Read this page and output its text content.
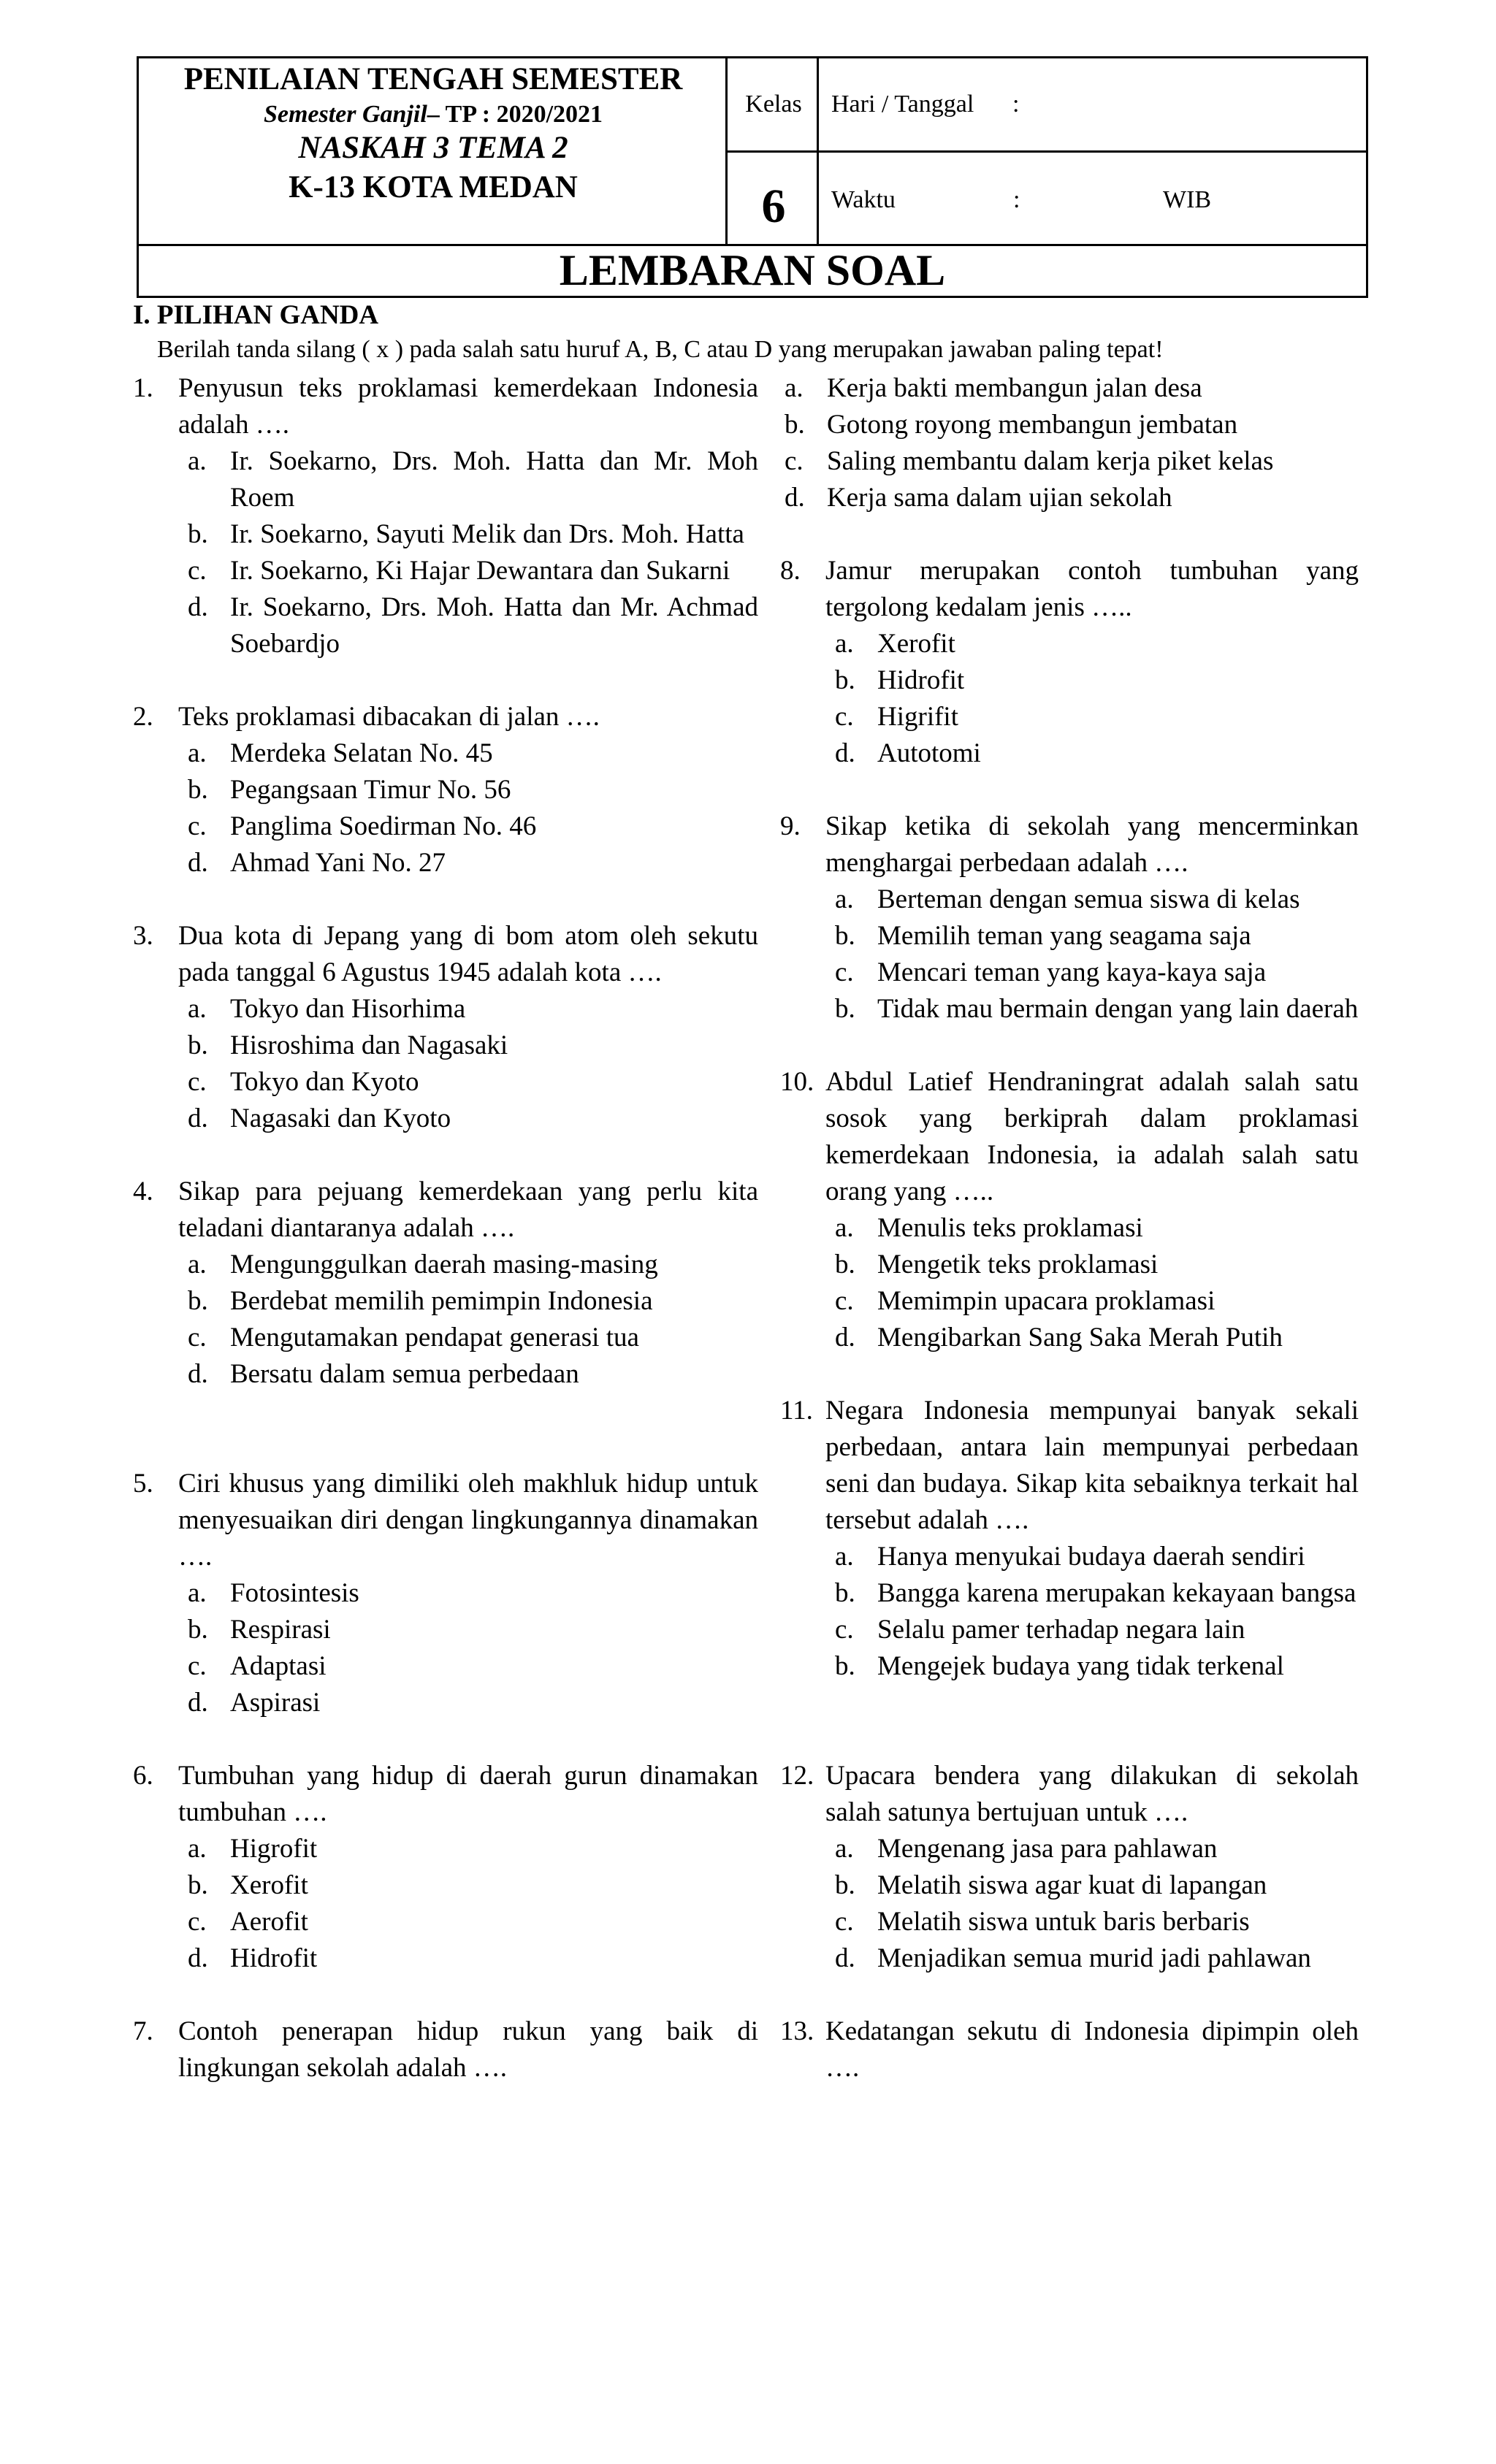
PENILAIAN TENGAH SEMESTER
Semester Ganjil– TP : 2020/2021
NASKAH 3 TEMA 2
K-13 KOTA MEDAN
Kelas
6
Hari / Tanggal :
Waktu	:	WIB
LEMBARAN SOAL
I. PILIHAN GANDA
Berilah tanda silang ( x ) pada salah satu huruf A, B, C atau D yang merupakan jawaban paling tepat!
1. Penyusun teks proklamasi kemerdekaan Indonesia adalah ….
a. Ir. Soekarno, Drs. Moh. Hatta dan Mr. Moh Roem
b. Ir. Soekarno, Sayuti Melik dan Drs. Moh. Hatta
c. Ir. Soekarno, Ki Hajar Dewantara dan Sukarni
d. Ir. Soekarno, Drs. Moh. Hatta dan Mr. Achmad Soebardjo
2. Teks proklamasi dibacakan di jalan ….
a. Merdeka Selatan No. 45
b. Pegangsaan Timur No. 56
c. Panglima Soedirman No. 46
d. Ahmad Yani No. 27
3. Dua kota di Jepang yang di bom atom oleh sekutu pada tanggal 6 Agustus 1945 adalah kota ….
a. Tokyo dan Hisorhima
b. Hisroshima dan Nagasaki
c. Tokyo dan Kyoto
d. Nagasaki dan Kyoto
4. Sikap para pejuang kemerdekaan yang perlu kita teladani diantaranya adalah ….
a. Mengunggulkan daerah masing-masing
b. Berdebat memilih pemimpin Indonesia
c. Mengutamakan pendapat generasi tua
d. Bersatu dalam semua perbedaan
5. Ciri khusus yang dimiliki oleh makhluk hidup untuk menyesuaikan diri dengan lingkungannya dinamakan ….
a. Fotosintesis
b. Respirasi
c. Adaptasi
d. Aspirasi
6. Tumbuhan yang hidup di daerah gurun dinamakan tumbuhan ….
a. Higrofit
b. Xerofit
c. Aerofit
d. Hidrofit
7. Contoh penerapan hidup rukun yang baik di lingkungan sekolah adalah ….
a. Kerja bakti membangun jalan desa
b. Gotong royong membangun jembatan
c. Saling membantu dalam kerja piket kelas
d. Kerja sama dalam ujian sekolah
8. Jamur merupakan contoh tumbuhan yang tergolong kedalam jenis …..
a. Xerofit
b. Hidrofit
c. Higrifit
d. Autotomi
9. Sikap ketika di sekolah yang mencerminkan menghargai perbedaan adalah ….
a. Berteman dengan semua siswa di kelas
b. Memilih teman yang seagama saja
c. Mencari teman yang kaya-kaya saja
b. Tidak mau bermain dengan yang lain daerah
10. Abdul Latief Hendraningrat adalah salah satu sosok yang berkiprah dalam proklamasi kemerdekaan Indonesia, ia adalah salah satu orang yang …..
a. Menulis teks proklamasi
b. Mengetik teks proklamasi
c. Memimpin upacara proklamasi
d. Mengibarkan Sang Saka Merah Putih
11. Negara Indonesia mempunyai banyak sekali perbedaan, antara lain mempunyai perbedaan seni dan budaya. Sikap kita sebaiknya terkait hal tersebut adalah ….
a. Hanya menyukai budaya daerah sendiri
b. Bangga karena merupakan kekayaan bangsa
c. Selalu pamer terhadap negara lain
b. Mengejek budaya yang tidak terkenal
12. Upacara bendera yang dilakukan di sekolah salah satunya bertujuan untuk ….
a. Mengenang jasa para pahlawan
b. Melatih siswa agar kuat di lapangan
c. Melatih siswa untuk baris berbaris
d. Menjadikan semua murid jadi pahlawan
13. Kedatangan sekutu di Indonesia dipimpin oleh ….
